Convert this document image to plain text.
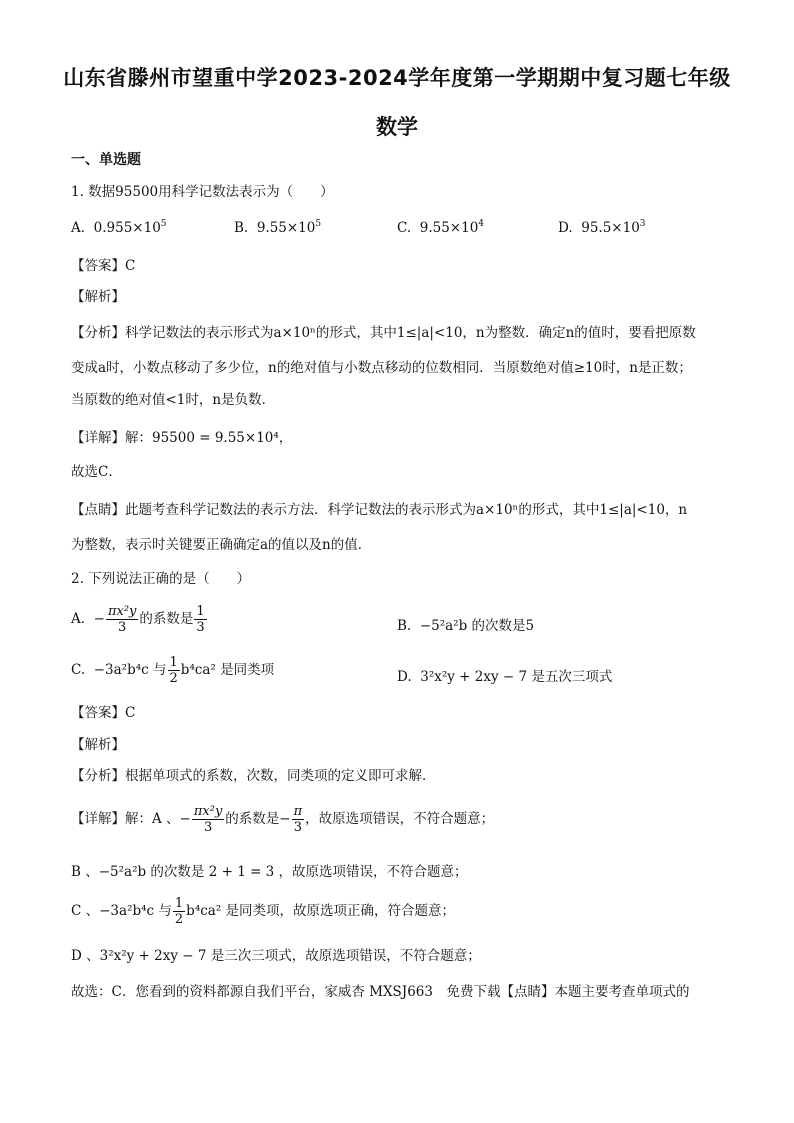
山东省滕州市望重中学2023-2024学年度第一学期期中复习题七年级
数学
一、单选题
1. 数据95500用科学记数法表示为（　　）
A. $0.955\times 10^5$	B. $9.55\times 10^5$	C. $9.55\times 10^4$	D. $95.5\times 10^3$
【答案】C
【解析】
【分析】科学记数法的表示形式为a×10ⁿ的形式，其中1≤|a|<10，n为整数．确定n的值时，要看把原数
变成a时，小数点移动了多少位，n的绝对值与小数点移动的位数相同．当原数绝对值≥10时，n是正数；
当原数的绝对值<1时，n是负数．
【详解】解：95500 = 9.55×10⁴，
故选C．
【点睛】此题考查科学记数法的表示方法．科学记数法的表示形式为a×10ⁿ的形式，其中1≤|a|<10，n
为整数，表示时关键要正确确定a的值以及n的值．
2. 下列说法正确的是（　　）
A.  − $\frac{\text{πx²y}}{3}$ 的系数是 $\frac{1}{3}$	B. −5²a²b 的次数是5
C. −3a²b⁴c 与 $\frac{1}{2} b^4ca^2$ 是同类项	D. 3²x²y + 2xy − 7 是五次三项式
【答案】C
【解析】
【分析】根据单项式的系数，次数，同类项的定义即可求解．
【详解】解：A 、− $\frac{\text{πx²y}}{3}$ 的系数是− $\frac{\pi}{3}$ ，故原选项错误，不符合题意；
B 、−5²a²b 的次数是 2 + 1 = 3 ，故原选项错误，不符合题意；
C 、−3a²b⁴c 与 $\frac{1}{2} b^4ca^2$ 是同类项，故原选项正确，符合题意；
D 、3²x²y + 2xy − 7 是三次三项式，故原选项错误，不符合题意；
故选：C．您看到的资料都源自我们平台，家威杏 MXSJ663　免费下载【点睛】本题主要考查单项式的
